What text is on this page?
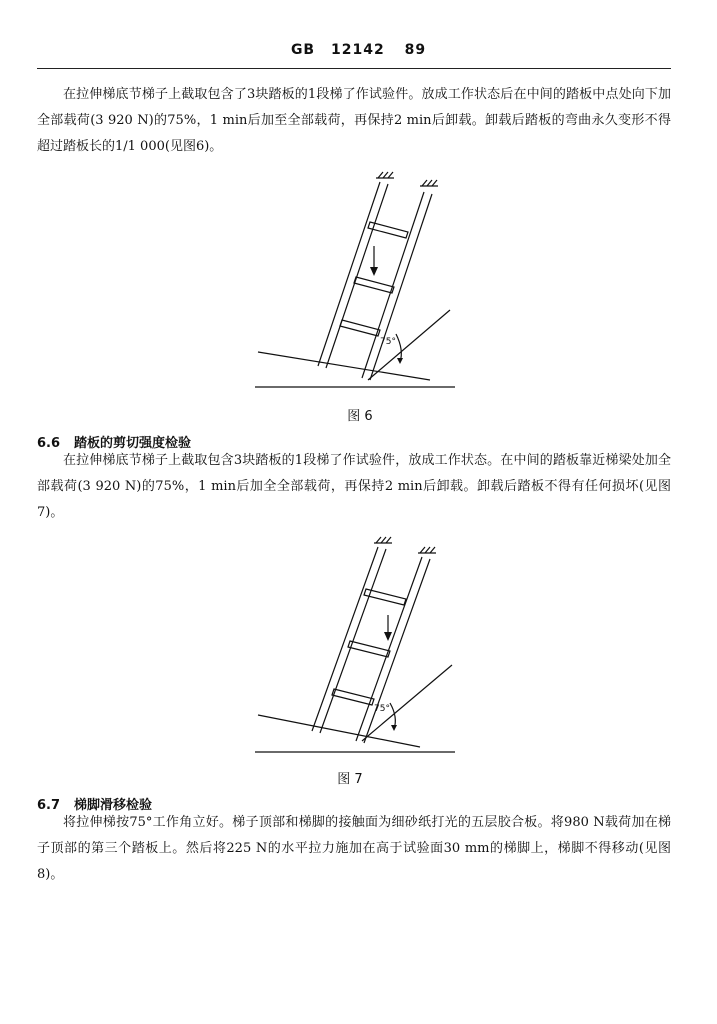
GB 12142 89

在拉伸梯底节梯子上截取包含了3块踏板的1段梯了作试验件。放成工作状态后在中间的踏板中点处向下加全部载荷(3 920 N)的75%，1 min后加至全部载荷，再保持2 min后卸载。卸载后踏板的弯曲永久变形不得超过踏板长的1/1 000(见图6)。

75°
图 6

6.6 踏板的剪切强度检验

在拉伸梯底节梯子上截取包含3块踏板的1段梯了作试验件，放成工作状态。在中间的踏板靠近梯梁处加全部载荷(3 920 N)的75%，1 min后加全全部载荷，再保持2 min后卸载。卸载后踏板不得有任何损坏(见图7)。

75°
图 7

6.7 梯脚滑移检验

将拉伸梯按75°工作角立好。梯子顶部和梯脚的接触面为细砂纸打光的五层胶合板。将980 N载荷加在梯子顶部的第三个踏板上。然后将225 N的水平拉力施加在高于试验面30 mm的梯脚上，梯脚不得移动(见图8)。
